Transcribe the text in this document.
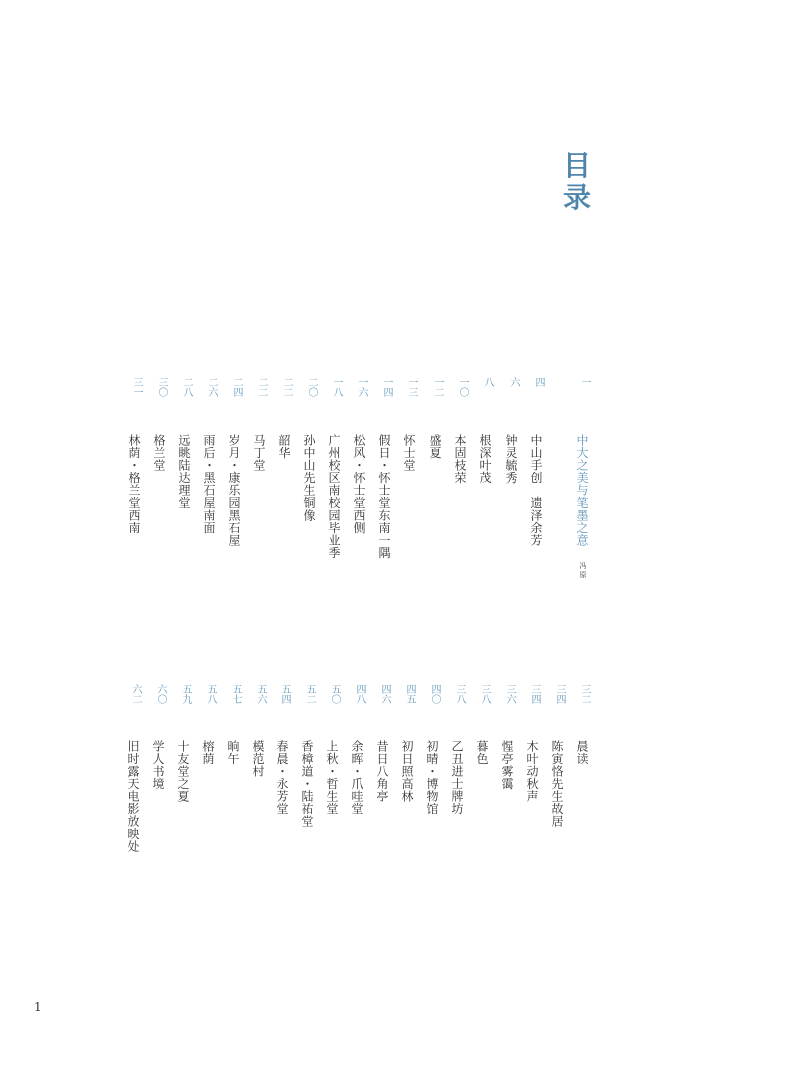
目
录
一
中大之美与笔墨之意
冯原
四
中山手创　遗泽余芳
六
钟灵毓秀
八
根深叶茂
一〇
本固枝荣
一二
盛夏
一三
怀士堂
一四
假日・怀士堂东南一隅
一六
松风・怀士堂西侧
一八
广州校区南校园毕业季
二〇
孙中山先生铜像
二二
韶华
二二
马丁堂
二四
岁月・康乐园黑石屋
二六
雨后・黑石屋南面
二八
远眺陆达理堂
三〇
格兰堂
三一
林荫・格兰堂西南
三二
晨读
三四
陈寅恪先生故居
三四
木叶动秋声
三六
惺亭雾霭
三八
暮色
三八
乙丑进士牌坊
四〇
初晴・博物馆
四五
初日照高林
四六
昔日八角亭
四八
余晖・爪哇堂
五〇
上秋・哲生堂
五二
香樟道・陆祐堂
五四
春晨・永芳堂
五六
模范村
五七
晌午
五八
榕荫
五九
十友堂之夏
六〇
学人书境
六二
旧时露天电影放映处
1
